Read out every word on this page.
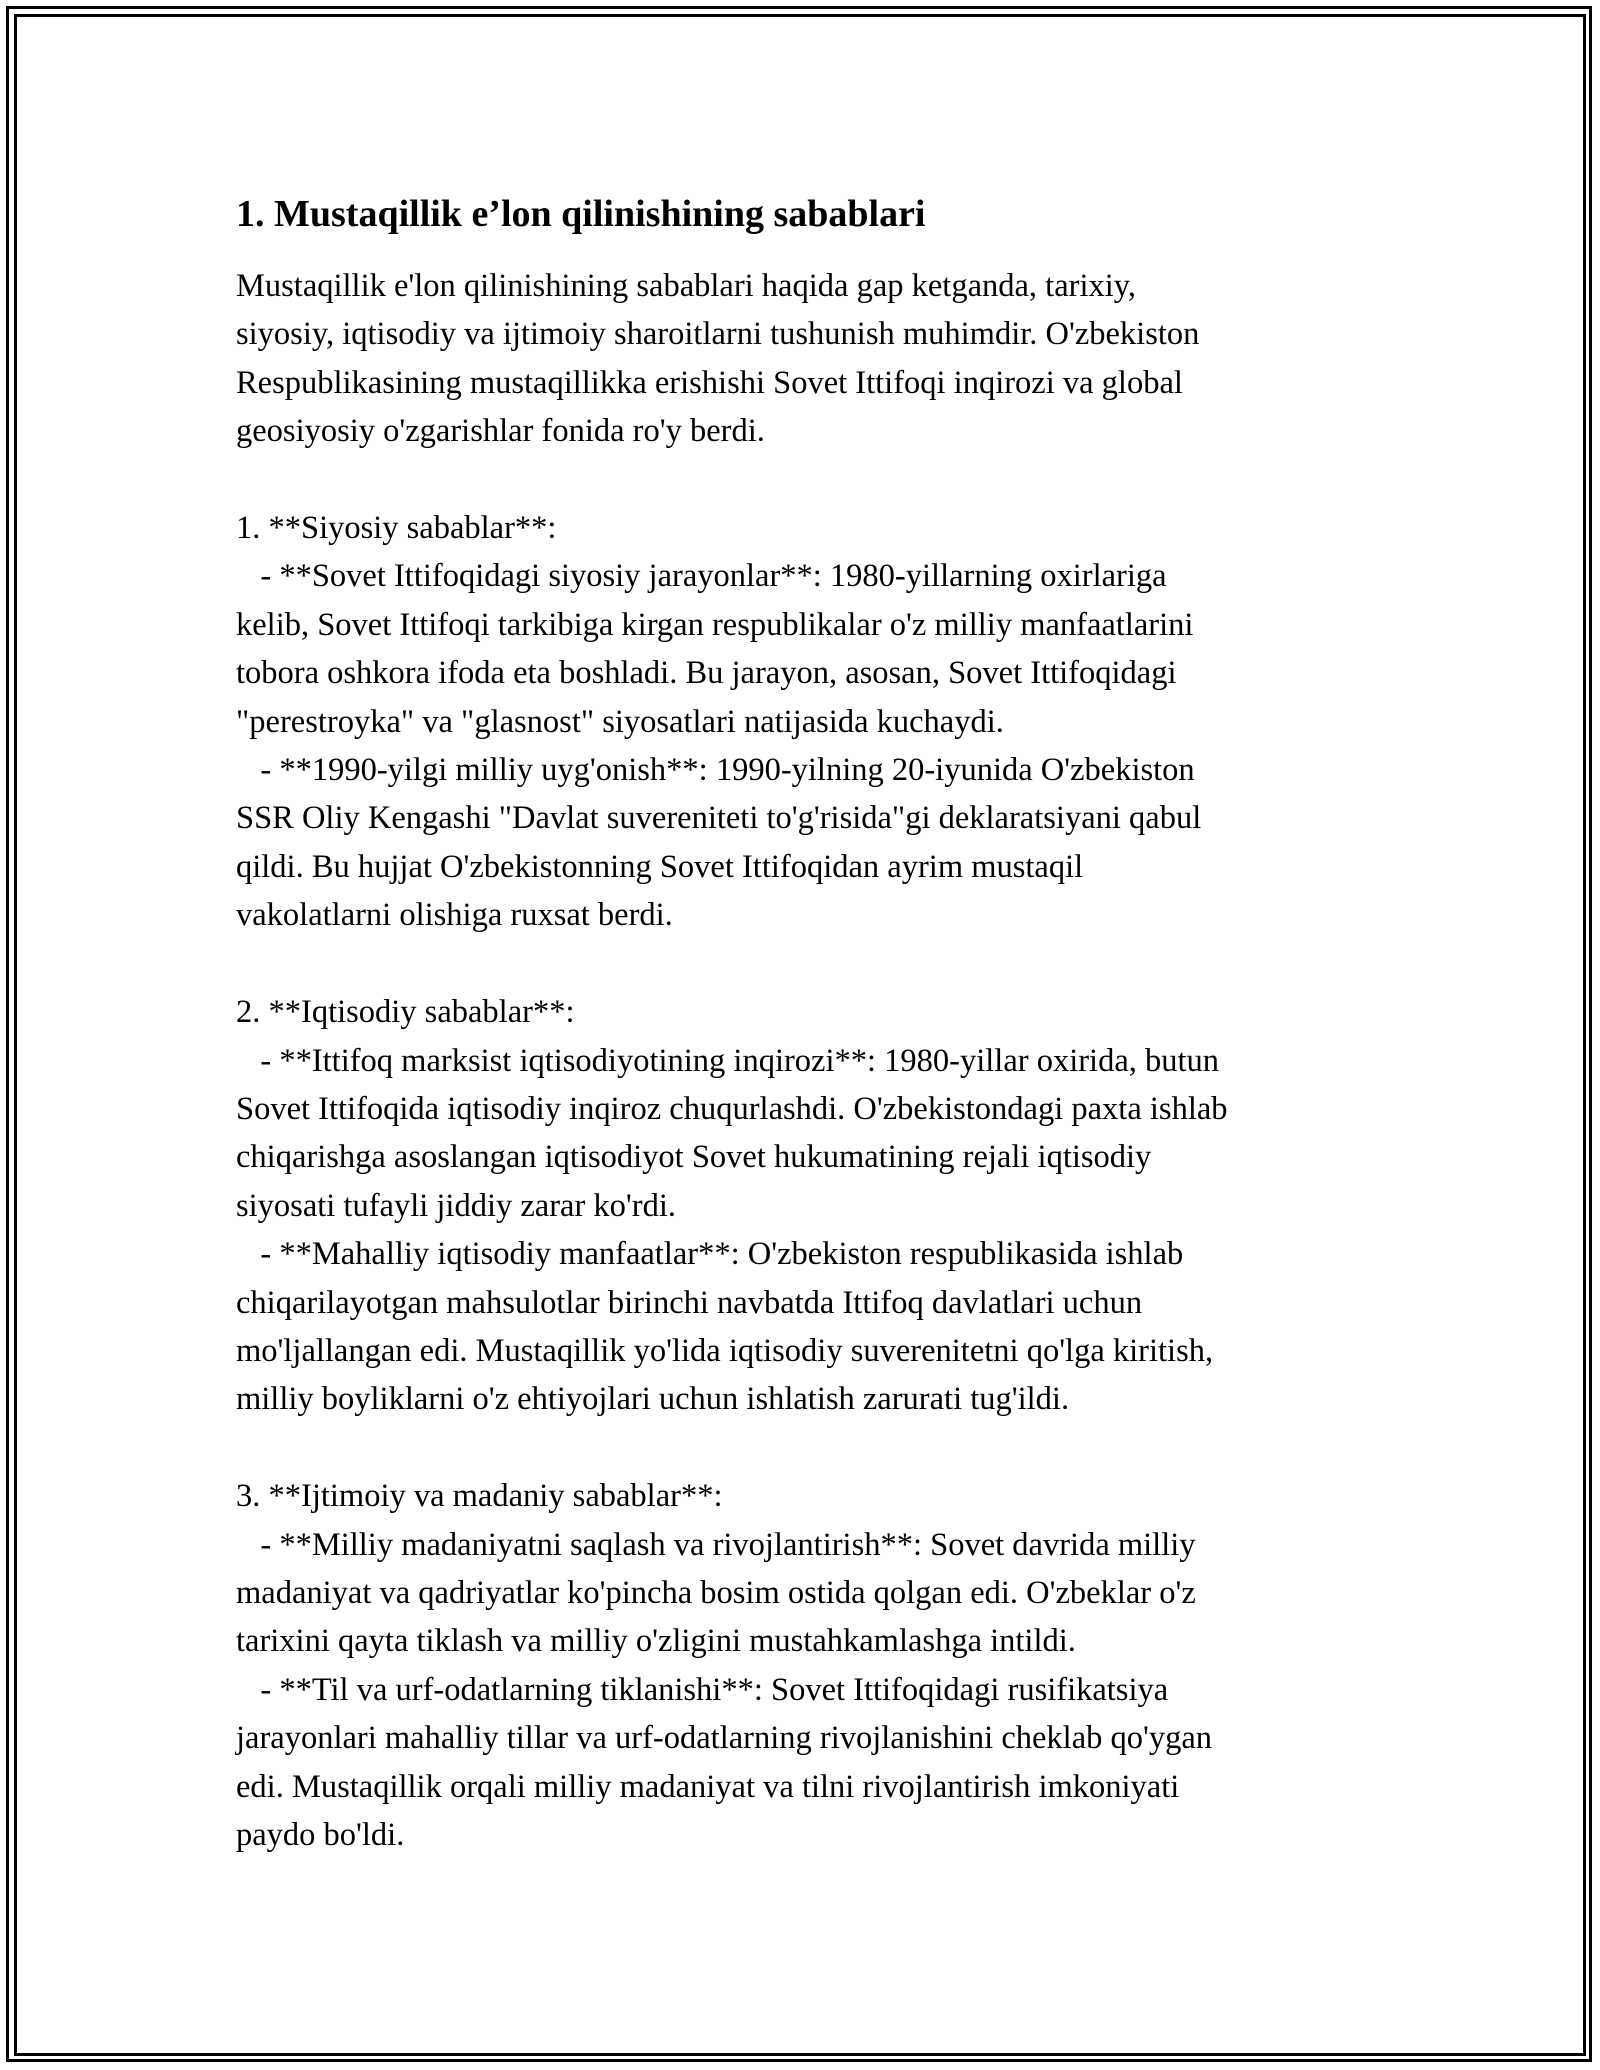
1. Mustaqillik e’lon qilinishining sabablari

Mustaqillik e'lon qilinishining sabablari haqida gap ketganda, tarixiy,
siyosiy, iqtisodiy va ijtimoiy sharoitlarni tushunish muhimdir. O'zbekiston
Respublikasining mustaqillikka erishishi Sovet Ittifoqi inqirozi va global
geosiyosiy o'zgarishlar fonida ro'y berdi.

1. **Siyosiy sabablar**:
- **Sovet Ittifoqidagi siyosiy jarayonlar**: 1980-yillarning oxirlariga
kelib, Sovet Ittifoqi tarkibiga kirgan respublikalar o'z milliy manfaatlarini
tobora oshkora ifoda eta boshladi. Bu jarayon, asosan, Sovet Ittifoqidagi
"perestroyka" va "glasnost" siyosatlari natijasida kuchaydi.
- **1990-yilgi milliy uyg'onish**: 1990-yilning 20-iyunida O'zbekiston
SSR Oliy Kengashi "Davlat suvereniteti to'g'risida"gi deklaratsiyani qabul
qildi. Bu hujjat O'zbekistonning Sovet Ittifoqidan ayrim mustaqil
vakolatlarni olishiga ruxsat berdi.

2. **Iqtisodiy sabablar**:
- **Ittifoq marksist iqtisodiyotining inqirozi**: 1980-yillar oxirida, butun
Sovet Ittifoqida iqtisodiy inqiroz chuqurlashdi. O'zbekistondagi paxta ishlab
chiqarishga asoslangan iqtisodiyot Sovet hukumatining rejali iqtisodiy
siyosati tufayli jiddiy zarar ko'rdi.
- **Mahalliy iqtisodiy manfaatlar**: O'zbekiston respublikasida ishlab
chiqarilayotgan mahsulotlar birinchi navbatda Ittifoq davlatlari uchun
mo'ljallangan edi. Mustaqillik yo'lida iqtisodiy suverenitetni qo'lga kiritish,
milliy boyliklarni o'z ehtiyojlari uchun ishlatish zarurati tug'ildi.

3. **Ijtimoiy va madaniy sabablar**:
- **Milliy madaniyatni saqlash va rivojlantirish**: Sovet davrida milliy
madaniyat va qadriyatlar ko'pincha bosim ostida qolgan edi. O'zbeklar o'z
tarixini qayta tiklash va milliy o'zligini mustahkamlashga intildi.
- **Til va urf-odatlarning tiklanishi**: Sovet Ittifoqidagi rusifikatsiya
jarayonlari mahalliy tillar va urf-odatlarning rivojlanishini cheklab qo'ygan
edi. Mustaqillik orqali milliy madaniyat va tilni rivojlantirish imkoniyati
paydo bo'ldi.
